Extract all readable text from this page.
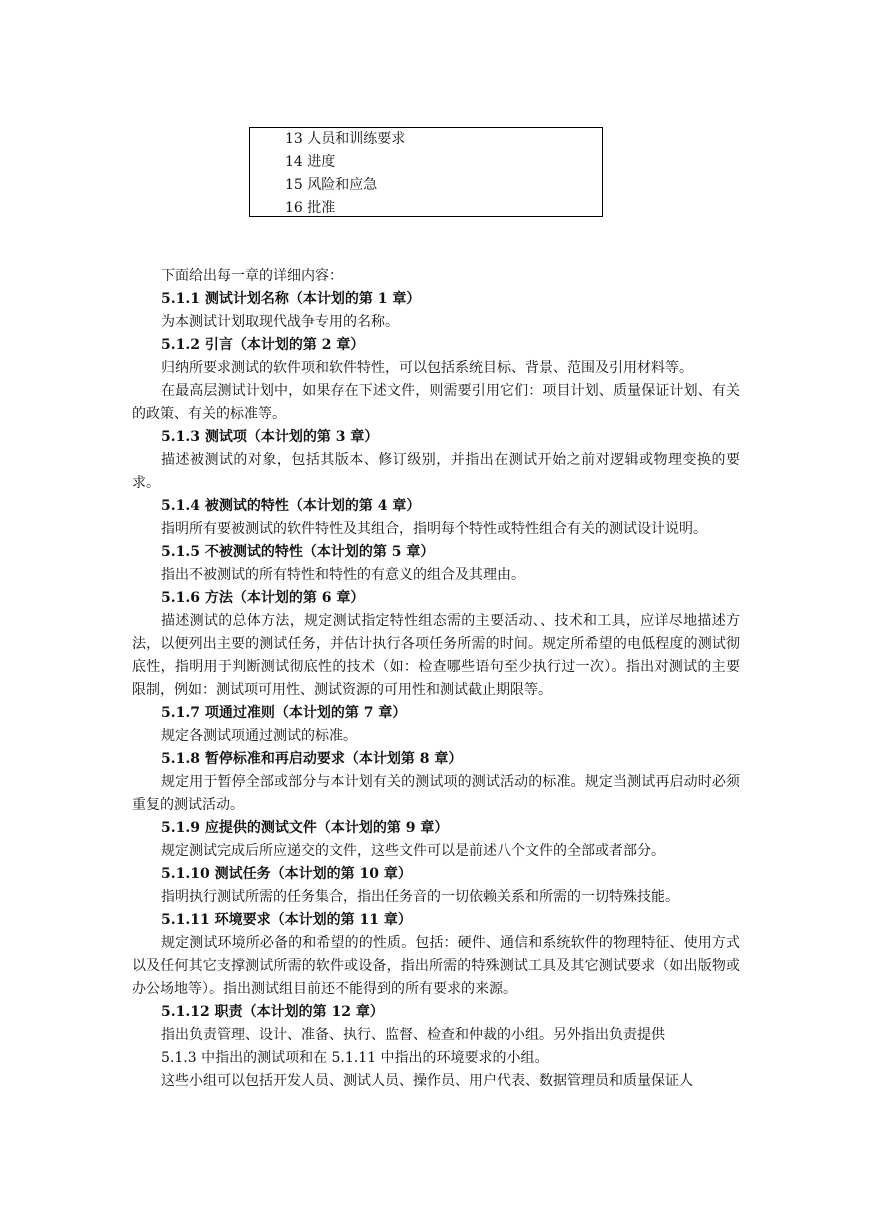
13 人员和训练要求
14 进度
15 风险和应急
16 批准
下面给出每一章的详细内容：
5.1.1 测试计划名称（本计划的第 1 章）
为本测试计划取现代战争专用的名称。
5.1.2 引言（本计划的第 2 章）
归纳所要求测试的软件项和软件特性，可以包括系统目标、背景、范围及引用材料等。
在最高层测试计划中，如果存在下述文件，则需要引用它们：项目计划、质量保证计划、有关的政策、有关的标准等。
5.1.3 测试项（本计划的第 3 章）
描述被测试的对象，包括其版本、修订级别，并指出在测试开始之前对逻辑或物理变换的要求。
5.1.4 被测试的特性（本计划的第 4 章）
指明所有要被测试的软件特性及其组合，指明每个特性或特性组合有关的测试设计说明。
5.1.5 不被测试的特性（本计划的第 5 章）
指出不被测试的所有特性和特性的有意义的组合及其理由。
5.1.6 方法（本计划的第 6 章）
描述测试的总体方法，规定测试指定特性组态需的主要活动、、技术和工具，应详尽地描述方法，以便列出主要的测试任务，并估计执行各项任务所需的时间。规定所希望的电低程度的测试彻底性，指明用于判断测试彻底性的技术（如：检查哪些语句至少执行过一次）。指出对测试的主要限制，例如：测试项可用性、测试资源的可用性和测试截止期限等。
5.1.7 项通过准则（本计划的第 7 章）
规定各测试项通过测试的标准。
5.1.8 暂停标准和再启动要求（本计划第 8 章）
规定用于暂停全部或部分与本计划有关的测试项的测试活动的标准。规定当测试再启动时必须重复的测试活动。
5.1.9 应提供的测试文件（本计划的第 9 章）
规定测试完成后所应递交的文件，这些文件可以是前述八个文件的全部或者部分。
5.1.10 测试任务（本计划的第 10 章）
指明执行测试所需的任务集合，指出任务音的一切依赖关系和所需的一切特殊技能。
5.1.11 环境要求（本计划的第 11 章）
规定测试环境所必备的和希望的的性质。包括：硬件、通信和系统软件的物理特征、使用方式以及任何其它支撑测试所需的软件或设备，指出所需的特殊测试工具及其它测试要求（如出版物或办公场地等）。指出测试组目前还不能得到的所有要求的来源。
5.1.12 职责（本计划的第 12 章）
指出负责管理、设计、准备、执行、监督、检查和仲裁的小组。另外指出负责提供
5.1.3 中指出的测试项和在 5.1.11 中指出的环境要求的小组。
这些小组可以包括开发人员、测试人员、操作员、用户代表、数据管理员和质量保证人
